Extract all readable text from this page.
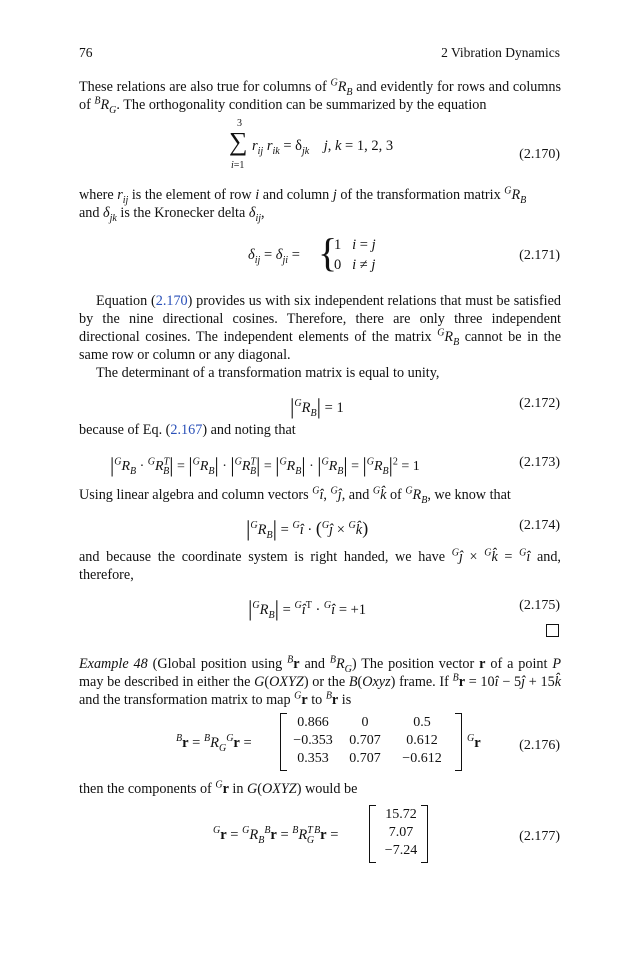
76	2 Vibration Dynamics
These relations are also true for columns of $^GR_B$ and evidently for rows and columns of $^BR_G$. The orthogonality condition can be summarized by the equation
3
∑
i=1
$r_{ij}$ $r_{ik} = \delta_{jk}$ j, k = 1, 2, 3
(2.170)
where $r_{ij}$ is the element of row i and column j of the transformation matrix $^GR_B$
and $\delta_{jk}$ is the Kronecker delta $\delta_{ij}$,
$\delta_{ij} = \delta_{ji}$ = {
1   i = j
0   i ≠ j
(2.171)
Equation (2.170) provides us with six independent relations that must be satisfied by the nine directional cosines. Therefore, there are only three independent directional cosines. The independent elements of the matrix $^GR_B$ cannot be in the same row or column or any diagonal.
The determinant of a transformation matrix is equal to unity,
$|^GR_B| = 1$	(2.172)
because of Eq. (2.167) and noting that
$|^GR_B \cdot ^GR^T_B| = |^GR_B| \cdot |^GR^T_B| = |^GR_B| \cdot |^GR_B| = |^GR_B|^2 = 1$	(2.173)
Using linear algebra and column vectors $^G$î, $^G$ĵ, and $^G$k̂ of $^GR_B$, we know that
$|^GR_B|$ = $^G$î · ($^G$ĵ × $^G$k̂)	(2.174)
and because the coordinate system is right handed, we have $^G$ĵ × $^G$k̂ = $^G$î and, therefore,
$|^GR_B|$ = $^Gî^T$ · $^G$î = +1	(2.175)
Example 48 (Global position using $^B$r and $^BR_G$) The position vector r of a point P may be described in either the G(OXYZ) or the B(Oxyz) frame. If $^B$r = 10î − 5ĵ + 15k̂ and the transformation matrix to map $^G$r to $^B$r is
$^Br = ^BR_G^Gr$ =
0.866	0	0.5
−0.353	0.707	0.612
0.353	0.707	−0.612
$^G$r	(2.176)
then the components of $^G$r in G(OXYZ) would be
$^Gr = ^GR_B^Br = ^BR^T_G^Br$ =
15.72
7.07
−7.24
(2.177)
